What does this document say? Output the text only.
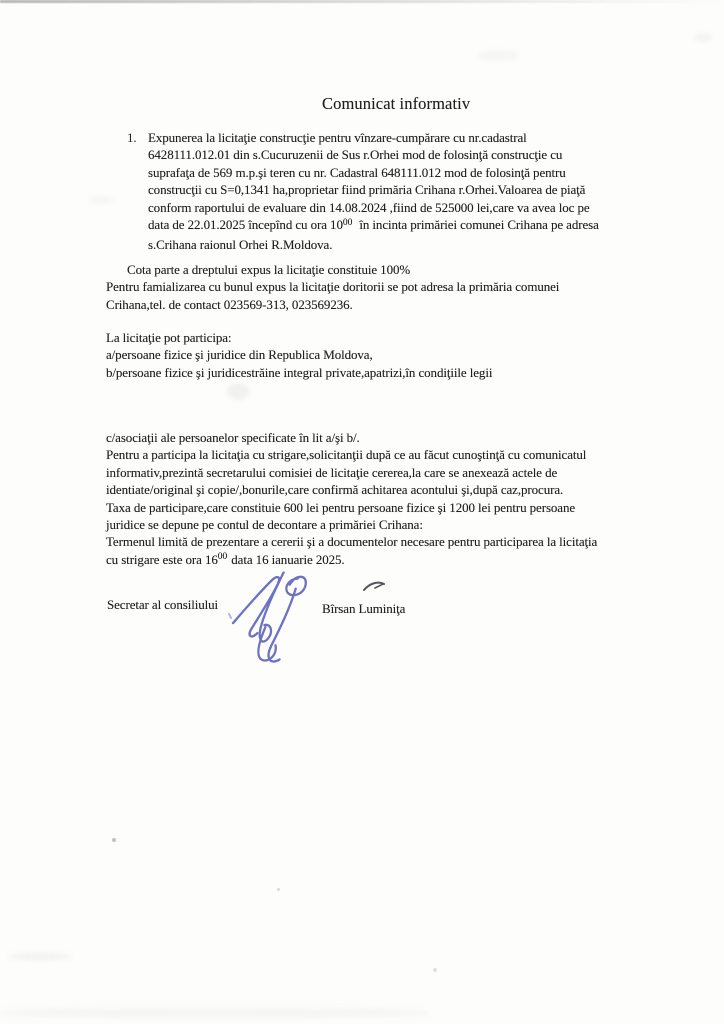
Comunicat informativ
1. Expunerea la licitaţie construcţie pentru vînzare-cumpărare cu nr.cadastral
6428111.012.01 din s.Cucuruzenii de Sus r.Orhei mod de folosinţă construcţie cu
suprafaţa de 569 m.p.şi teren cu nr. Cadastral 648111.012 mod de folosinţă pentru
construcţii cu S=0,1341 ha,proprietar fiind primăria Crihana r.Orhei.Valoarea de piaţă
conform raportului de evaluare din 14.08.2024 ,fiind de 525000 lei,care va avea loc pe
data de 22.01.2025 începînd cu ora $10^{00}$ în incinta primăriei comunei Crihana pe adresa
s.Crihana raionul Orhei R.Moldova.
Cota parte a dreptului expus la licitaţie constituie 100%
Pentru famializarea cu bunul expus la licitaţie doritorii se pot adresa la primăria comunei
Crihana,tel. de contact 023569-313, 023569236.
La licitaţie pot participa:
a/persoane fizice şi juridice din Republica Moldova,
b/persoane fizice şi juridicestrăine integral private,apatrizi,în condiţiile legii
c/asociaţii ale persoanelor specificate în lit a/şi b/.
Pentru a participa la licitaţia cu strigare,solicitanţii după ce au făcut cunoştinţă cu comunicatul
informativ,prezintă secretarului comisiei de licitaţie cererea,la care se anexează actele de
identiate/original şi copie/,bonurile,care confirmă achitarea acontului şi,după caz,procura.
Taxa de participare,care constituie 600 lei pentru persoane fizice şi 1200 lei pentru persoane
juridice se depune pe contul de decontare a primăriei Crihana:
Termenul limită de prezentare a cererii şi a documentelor necesare pentru participarea la licitaţia
cu strigare este ora $16^{00}$ data 16 ianuarie 2025.
Secretar al consiliului	Bîrsan Luminiţa
